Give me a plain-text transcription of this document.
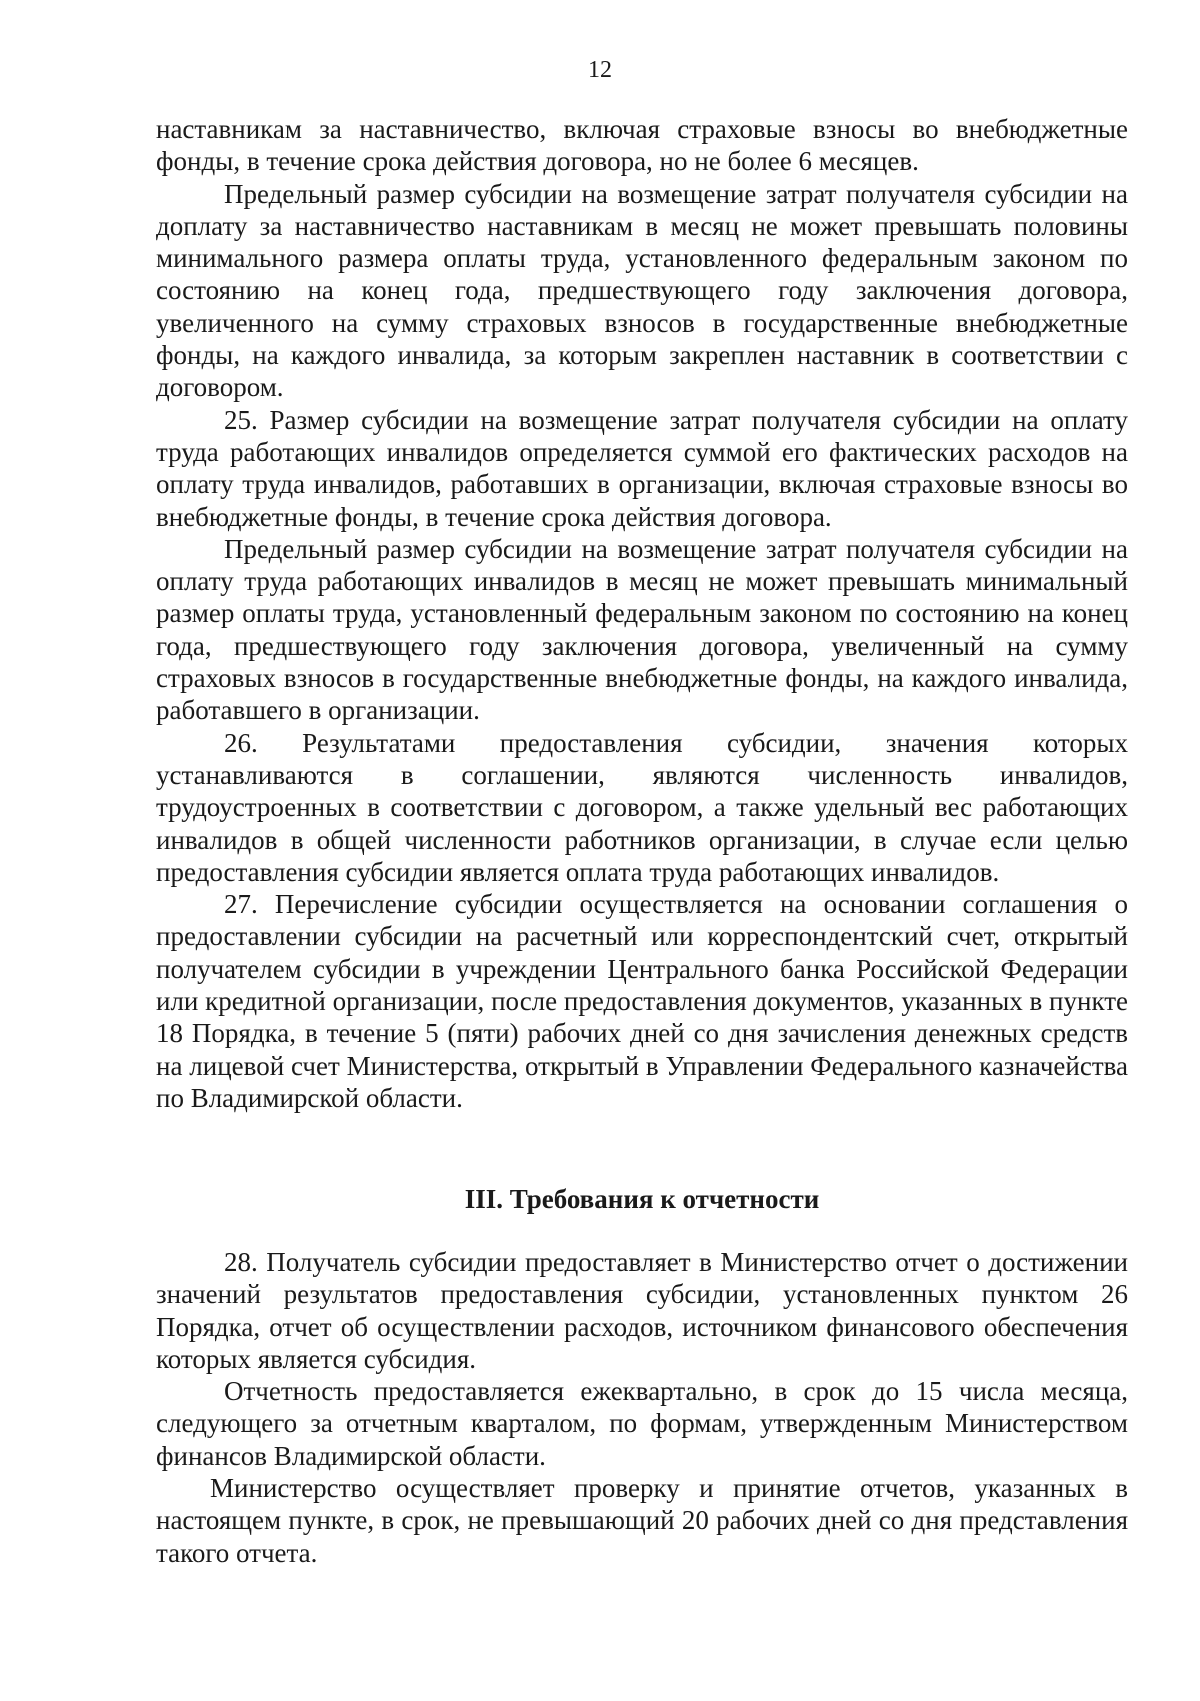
12

наставникам за наставничество, включая страховые взносы во внебюджетные фонды, в течение срока действия договора, но не более 6 месяцев.

Предельный размер субсидии на возмещение затрат получателя субсидии на доплату за наставничество наставникам в месяц не может превышать половины минимального размера оплаты труда, установленного федеральным законом по состоянию на конец года, предшествующего году заключения договора, увеличенного на сумму страховых взносов в государственные внебюджетные фонды, на каждого инвалида, за которым закреплен наставник в соответствии с договором.

25. Размер субсидии на возмещение затрат получателя субсидии на оплату труда работающих инвалидов определяется суммой его фактических расходов на оплату труда инвалидов, работавших в организации, включая страховые взносы во внебюджетные фонды, в течение срока действия договора.

Предельный размер субсидии на возмещение затрат получателя субсидии на оплату труда работающих инвалидов в месяц не может превышать минимальный размер оплаты труда, установленный федеральным законом по состоянию на конец года, предшествующего году заключения договора, увеличенный на сумму страховых взносов в государственные внебюджетные фонды, на каждого инвалида, работавшего в организации.

26. Результатами предоставления субсидии, значения которых устанавливаются в соглашении, являются численность инвалидов, трудоустроенных в соответствии с договором, а также удельный вес работающих инвалидов в общей численности работников организации, в случае если целью предоставления субсидии является оплата труда работающих инвалидов.

27. Перечисление субсидии осуществляется на основании соглашения о предоставлении субсидии на расчетный или корреспондентский счет, открытый получателем субсидии в учреждении Центрального банка Российской Федерации или кредитной организации, после предоставления документов, указанных в пункте 18 Порядка, в течение 5 (пяти) рабочих дней со дня зачисления денежных средств на лицевой счет Министерства, открытый в Управлении Федерального казначейства по Владимирской области.

III. Требования к отчетности

28. Получатель субсидии предоставляет в Министерство отчет о достижении значений результатов предоставления субсидии, установленных пунктом 26 Порядка, отчет об осуществлении расходов, источником финансового обеспечения которых является субсидия.

Отчетность предоставляется ежеквартально, в срок до 15 числа месяца, следующего за отчетным кварталом, по формам, утвержденным Министерством финансов Владимирской области.

Министерство осуществляет проверку и принятие отчетов, указанных в настоящем пункте, в срок, не превышающий 20 рабочих дней со дня представления такого отчета.
